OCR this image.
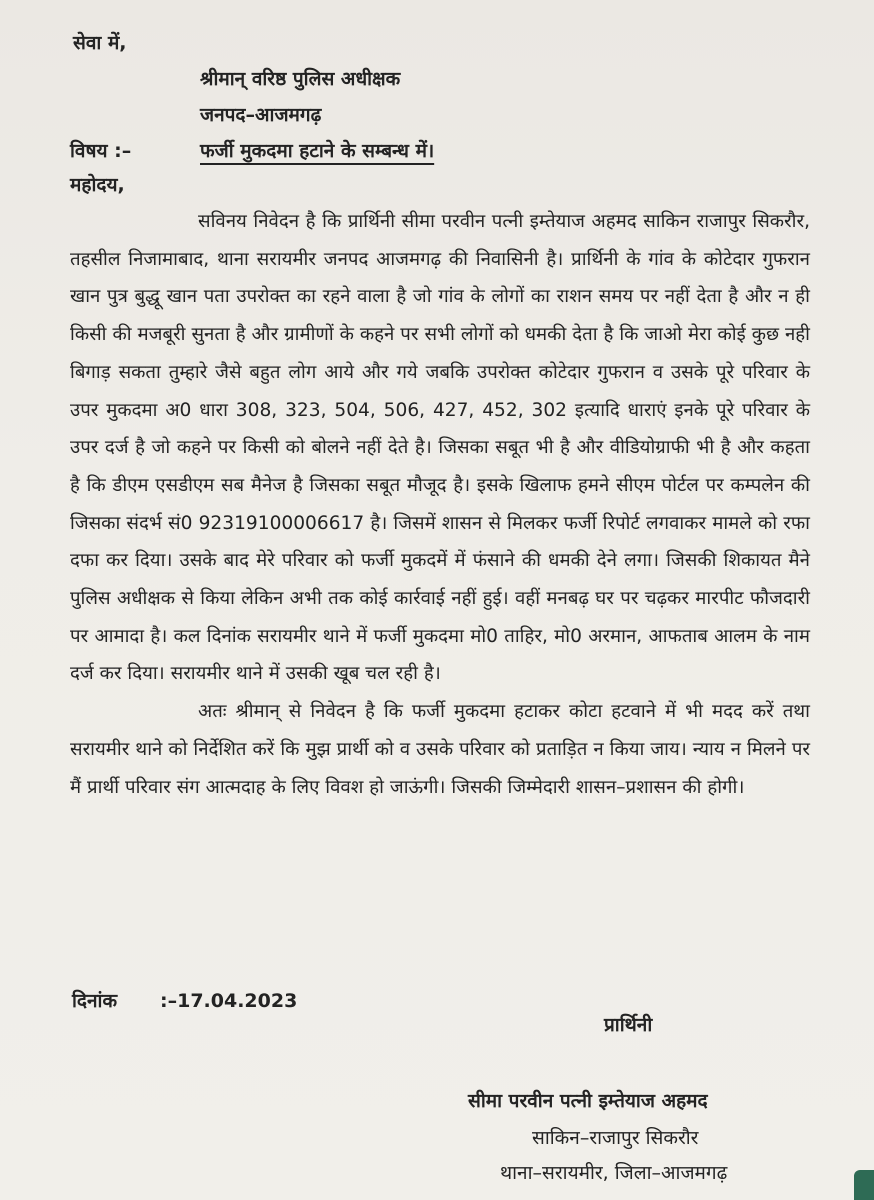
सेवा में,
श्रीमान् वरिष्ठ पुलिस अधीक्षक
जनपद–आजमगढ़
विषय :–	फर्जी मुकदमा हटाने के सम्बन्ध में।
महोदय,

सविनय निवेदन है कि प्रार्थिनी सीमा परवीन पत्नी इम्तेयाज अहमद साकिन राजापुर सिकरौर, तहसील निजामाबाद, थाना सरायमीर जनपद आजमगढ़ की निवासिनी है। प्रार्थिनी के गांव के कोटेदार गुफरान खान पुत्र बुद्धू खान पता उपरोक्त का रहने वाला है जो गांव के लोगों का राशन समय पर नहीं देता है और न ही किसी की मजबूरी सुनता है और ग्रामीणों के कहने पर सभी लोगों को धमकी देता है कि जाओ मेरा कोई कुछ नही बिगाड़ सकता तुम्हारे जैसे बहुत लोग आये और गये जबकि उपरोक्त कोटेदार गुफरान व उसके पूरे परिवार के उपर मुकदमा अ0 धारा 308, 323, 504, 506, 427, 452, 302 इत्यादि धाराएं इनके पूरे परिवार के उपर दर्ज है जो कहने पर किसी को बोलने नहीं देते है। जिसका सबूत भी है और वीडियोग्राफी भी है और कहता है कि डीएम एसडीएम सब मैनेज है जिसका सबूत मौजूद है। इसके खिलाफ हमने सीएम पोर्टल पर कम्पलेन की जिसका संदर्भ सं0 92319100006617 है। जिसमें शासन से मिलकर फर्जी रिपोर्ट लगवाकर मामले को रफा दफा कर दिया। उसके बाद मेरे परिवार को फर्जी मुकदमें में फंसाने की धमकी देने लगा। जिसकी शिकायत मैने पुलिस अधीक्षक से किया लेकिन अभी तक कोई कार्रवाई नहीं हुई। वहीं मनबढ़ घर पर चढ़कर मारपीट फौजदारी पर आमादा है। कल दिनांक सरायमीर थाने में फर्जी मुकदमा मो0 ताहिर, मो0 अरमान, आफताब आलम के नाम दर्ज कर दिया। सरायमीर थाने में उसकी खूब चल रही है।

अतः श्रीमान् से निवेदन है कि फर्जी मुकदमा हटाकर कोटा हटवाने में भी मदद करें तथा सरायमीर थाने को निर्देशित करें कि मुझ प्रार्थी को व उसके परिवार को प्रताड़ित न किया जाय। न्याय न मिलने पर मैं प्रार्थी परिवार संग आत्मदाह के लिए विवश हो जाऊंगी। जिसकी जिम्मेदारी शासन–प्रशासन की होगी।

दिनांक :–17.04.2023
प्रार्थिनी
सीमा परवीन पत्नी इम्तेयाज अहमद
साकिन–राजापुर सिकरौर
थाना–सरायमीर, जिला–आजमगढ़
